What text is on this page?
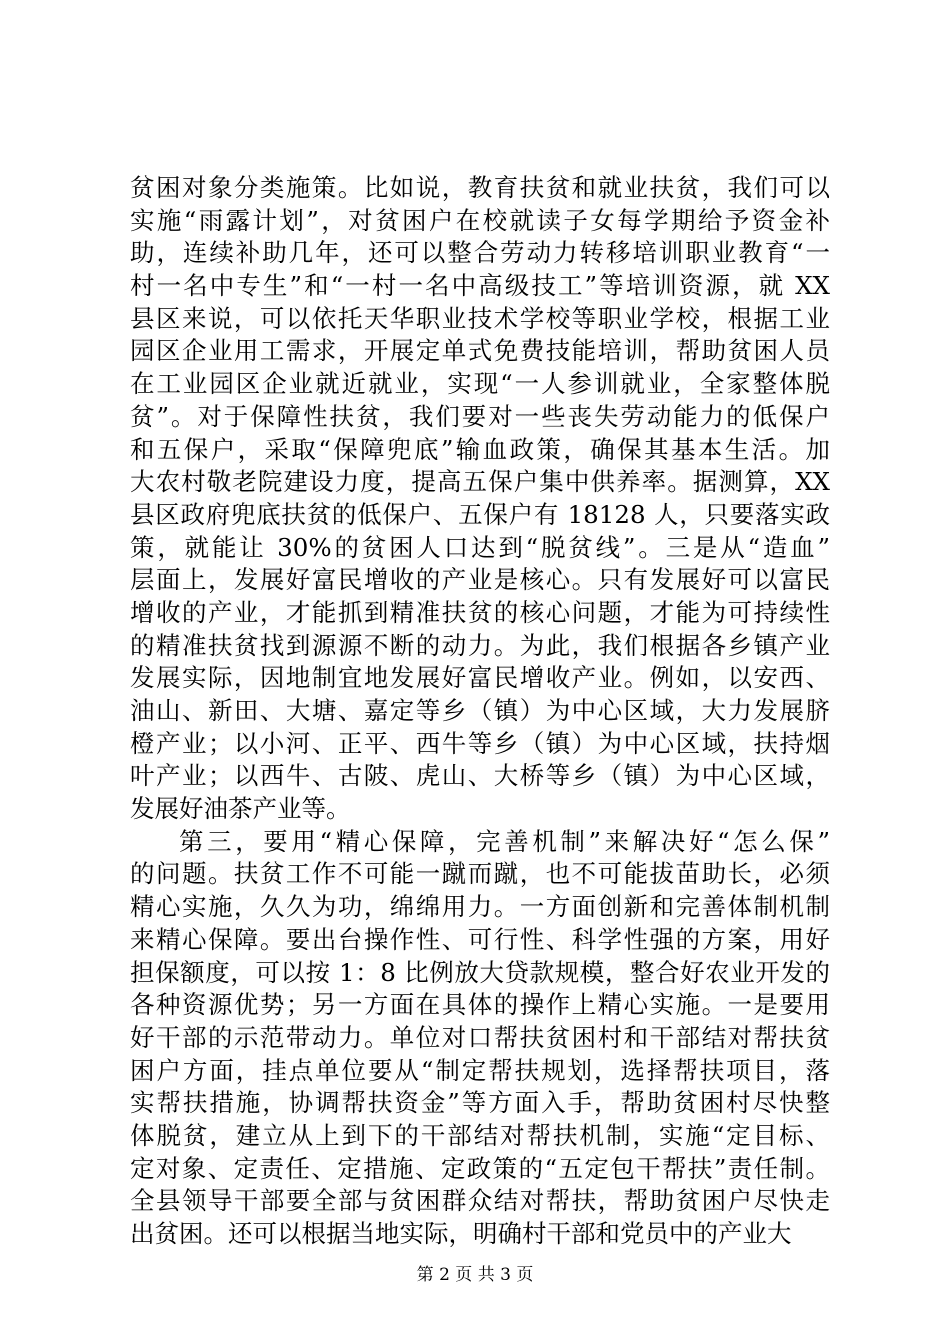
贫困对象分类施策。比如说，教育扶贫和就业扶贫，我们可以
实施“雨露计划”，对贫困户在校就读子女每学期给予资金补
助，连续补助几年，还可以整合劳动力转移培训职业教育“一
村一名中专生”和“一村一名中高级技工”等培训资源，就 XX
县区来说，可以依托天华职业技术学校等职业学校，根据工业
园区企业用工需求，开展定单式免费技能培训，帮助贫困人员
在工业园区企业就近就业，实现“一人参训就业，全家整体脱
贫”。对于保障性扶贫，我们要对一些丧失劳动能力的低保户
和五保户，采取“保障兜底”输血政策，确保其基本生活。加
大农村敬老院建设力度，提高五保户集中供养率。据测算，XX
县区政府兜底扶贫的低保户、五保户有 18128 人，只要落实政
策，就能让 30%的贫困人口达到“脱贫线”。三是从“造血”
层面上，发展好富民增收的产业是核心。只有发展好可以富民
增收的产业，才能抓到精准扶贫的核心问题，才能为可持续性
的精准扶贫找到源源不断的动力。为此，我们根据各乡镇产业
发展实际，因地制宜地发展好富民增收产业。例如，以安西、
油山、新田、大塘、嘉定等乡（镇）为中心区域，大力发展脐
橙产业；以小河、正平、西牛等乡（镇）为中心区域，扶持烟
叶产业；以西牛、古陂、虎山、大桥等乡（镇）为中心区域，
发展好油茶产业等。
第三，要用“精心保障，完善机制”来解决好“怎么保”
的问题。扶贫工作不可能一蹴而蹴，也不可能拔苗助长，必须
精心实施，久久为功，绵绵用力。一方面创新和完善体制机制
来精心保障。要出台操作性、可行性、科学性强的方案，用好
担保额度，可以按 1：8 比例放大贷款规模，整合好农业开发的
各种资源优势；另一方面在具体的操作上精心实施。一是要用
好干部的示范带动力。单位对口帮扶贫困村和干部结对帮扶贫
困户方面，挂点单位要从“制定帮扶规划，选择帮扶项目，落
实帮扶措施，协调帮扶资金”等方面入手，帮助贫困村尽快整
体脱贫，建立从上到下的干部结对帮扶机制，实施“定目标、
定对象、定责任、定措施、定政策的“五定包干帮扶”责任制。
全县领导干部要全部与贫困群众结对帮扶，帮助贫困户尽快走
出贫困。还可以根据当地实际，明确村干部和党员中的产业大
第 2 页 共 3 页
